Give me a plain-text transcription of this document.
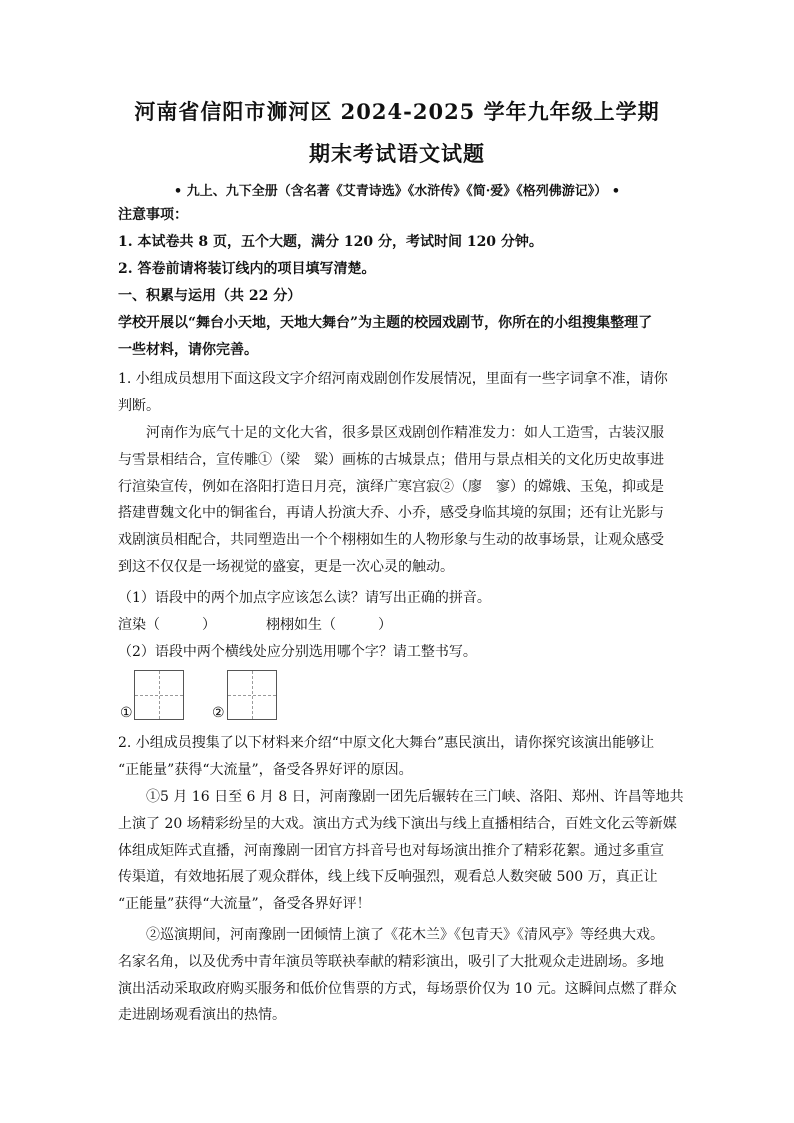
河南省信阳市浉河区 2024-2025 学年九年级上学期
期末考试语文试题
• 九上、九下全册（含名著《艾青诗选》《水浒传》《简·爱》《格列佛游记》） •
注意事项：
1. 本试卷共 8 页，五个大题，满分 120 分，考试时间 120 分钟。
2. 答卷前请将装订线内的项目填写清楚。
一、积累与运用（共 22 分）
学校开展以“舞台小天地，天地大舞台”为主题的校园戏剧节，你所在的小组搜集整理了
一些材料，请你完善。
1. 小组成员想用下面这段文字介绍河南戏剧创作发展情况，里面有一些字词拿不准，请你
判断。
河南作为底气十足的文化大省，很多景区戏剧创作精准发力：如人工造雪，古装汉服
与雪景相结合，宣传雕①（梁　粱）画栋的古城景点；借用与景点相关的文化历史故事进
行渲染宣传，例如在洛阳打造日月亮，演绎广寒宫寂②（廖　寥）的嫦娥、玉兔，抑或是
搭建曹魏文化中的铜雀台，再请人扮演大乔、小乔，感受身临其境的氛围；还有让光影与
戏剧演员相配合，共同塑造出一个个栩栩如生的人物形象与生动的故事场景，让观众感受
到这不仅仅是一场视觉的盛宴，更是一次心灵的触动。
（1）语段中的两个加点字应该怎么读？请写出正确的拼音。
渲染（　　　）	栩栩如生（　　　）
（2）语段中两个横线处应分别选用哪个字？请工整书写。
①	②
2. 小组成员搜集了以下材料来介绍“中原文化大舞台”惠民演出，请你探究该演出能够让
“正能量”获得“大流量”，备受各界好评的原因。
①5 月 16 日至 6 月 8 日，河南豫剧一团先后辗转在三门峡、洛阳、郑州、许昌等地共
上演了 20 场精彩纷呈的大戏。演出方式为线下演出与线上直播相结合，百姓文化云等新媒
体组成矩阵式直播，河南豫剧一团官方抖音号也对每场演出推介了精彩花絮。通过多重宣
传渠道，有效地拓展了观众群体，线上线下反响强烈，观看总人数突破 500 万，真正让
“正能量”获得“大流量”，备受各界好评！
②巡演期间，河南豫剧一团倾情上演了《花木兰》《包青天》《清风亭》等经典大戏。
名家名角，以及优秀中青年演员等联袂奉献的精彩演出，吸引了大批观众走进剧场。多地
演出活动采取政府购买服务和低价位售票的方式，每场票价仅为 10 元。这瞬间点燃了群众
走进剧场观看演出的热情。
